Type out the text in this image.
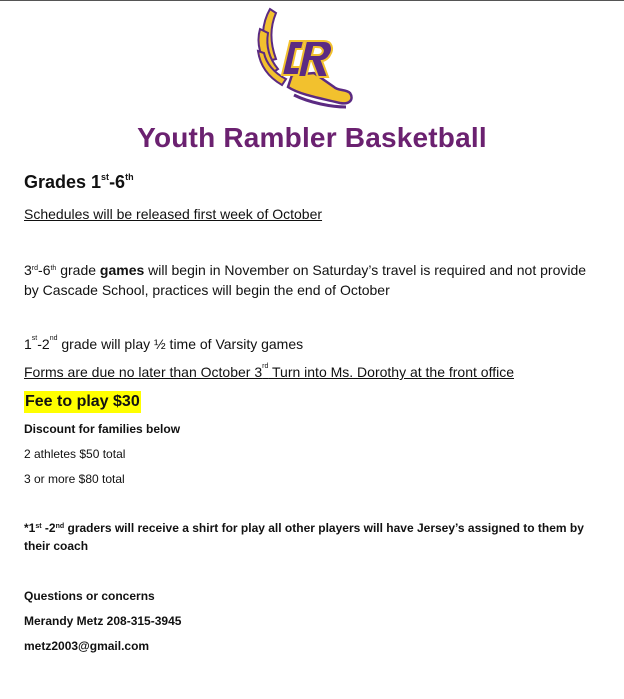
Youth Rambler Basketball
Grades 1st-6th
Schedules will be released first week of October
3rd-6th grade games will begin in November on Saturday’s travel is required and not provide by Cascade School, practices will begin the end of October
1st-2nd grade will play ½ time of Varsity games
Forms are due no later than October 3rd Turn into Ms. Dorothy at the front office
Fee to play $30
Discount for families below
2 athletes $50 total
3 or more $80 total
*1st -2nd graders will receive a shirt for play all other players will have Jersey’s assigned to them by their coach
Questions or concerns
Merandy Metz 208-315-3945
metz2003@gmail.com
